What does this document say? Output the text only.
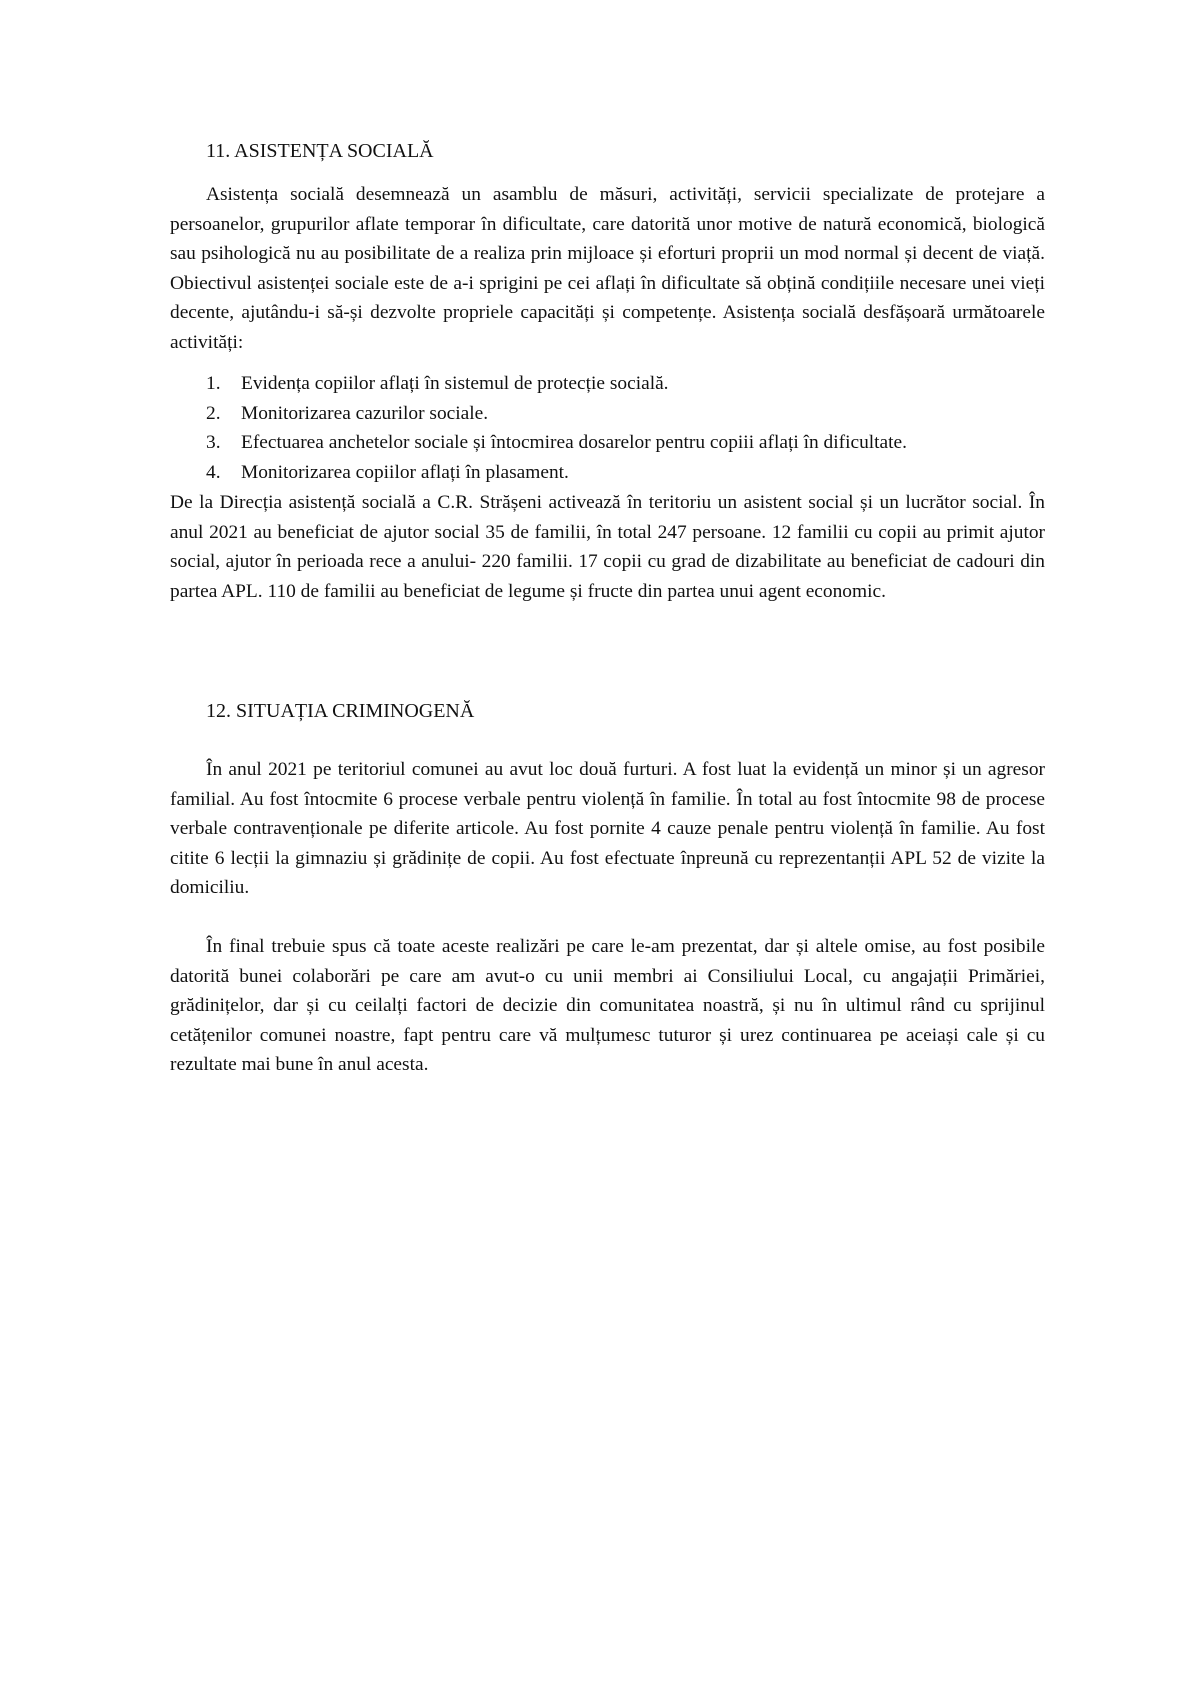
11. ASISTENȚA SOCIALĂ

Asistența socială desemnează un asamblu de măsuri, activități, servicii specializate de protejare a persoanelor, grupurilor aflate temporar în dificultate, care datorită unor motive de natură economică, biologică sau psihologică nu au posibilitate de a realiza prin mijloace și eforturi proprii un mod normal și decent de viață. Obiectivul asistenței sociale este de a-i sprigini pe cei aflați în dificultate să obțină condițiile necesare unei vieți decente, ajutându-i să-și dezvolte propriele capacități și competențe. Asistența socială desfășoară următoarele activități:

1.	Evidența copiilor aflați în sistemul de protecție socială.
2.	Monitorizarea cazurilor sociale.
3.	Efectuarea anchetelor sociale și întocmirea dosarelor pentru copiii aflați în dificultate.
4.	Monitorizarea copiilor aflați în plasament.

De la Direcția asistență socială a C.R. Strășeni activează în teritoriu un asistent social și un lucrător social. În anul 2021 au beneficiat de ajutor social 35 de familii, în total 247 persoane. 12 familii cu copii au primit ajutor social, ajutor în perioada rece a anului- 220 familii. 17 copii cu grad de dizabilitate au beneficiat de cadouri din partea APL. 110 de familii au beneficiat de legume și fructe din partea unui agent economic.

12. SITUAȚIA CRIMINOGENĂ

În anul 2021 pe teritoriul comunei au avut loc două furturi. A fost luat la evidență un minor și un agresor familial. Au fost întocmite 6 procese verbale pentru violență în familie. În total au fost întocmite 98 de procese verbale contravenționale pe diferite articole. Au fost pornite 4 cauze penale pentru violență în familie. Au fost citite 6 lecții la gimnaziu și grădinițe de copii. Au fost efectuate înpreună cu reprezentanții APL 52 de vizite la domiciliu.

În final trebuie spus că toate aceste realizări pe care le-am prezentat, dar și altele omise, au fost posibile datorită bunei colaborări pe care am avut-o cu unii membri ai Consiliului Local, cu angajații Primăriei, grădinițelor, dar și cu ceilalți factori de decizie din comunitatea noastră, și nu în ultimul rând cu sprijinul cetățenilor comunei noastre, fapt pentru care vă mulțumesc tuturor și urez continuarea pe aceiași cale și cu rezultate mai bune în anul acesta.
